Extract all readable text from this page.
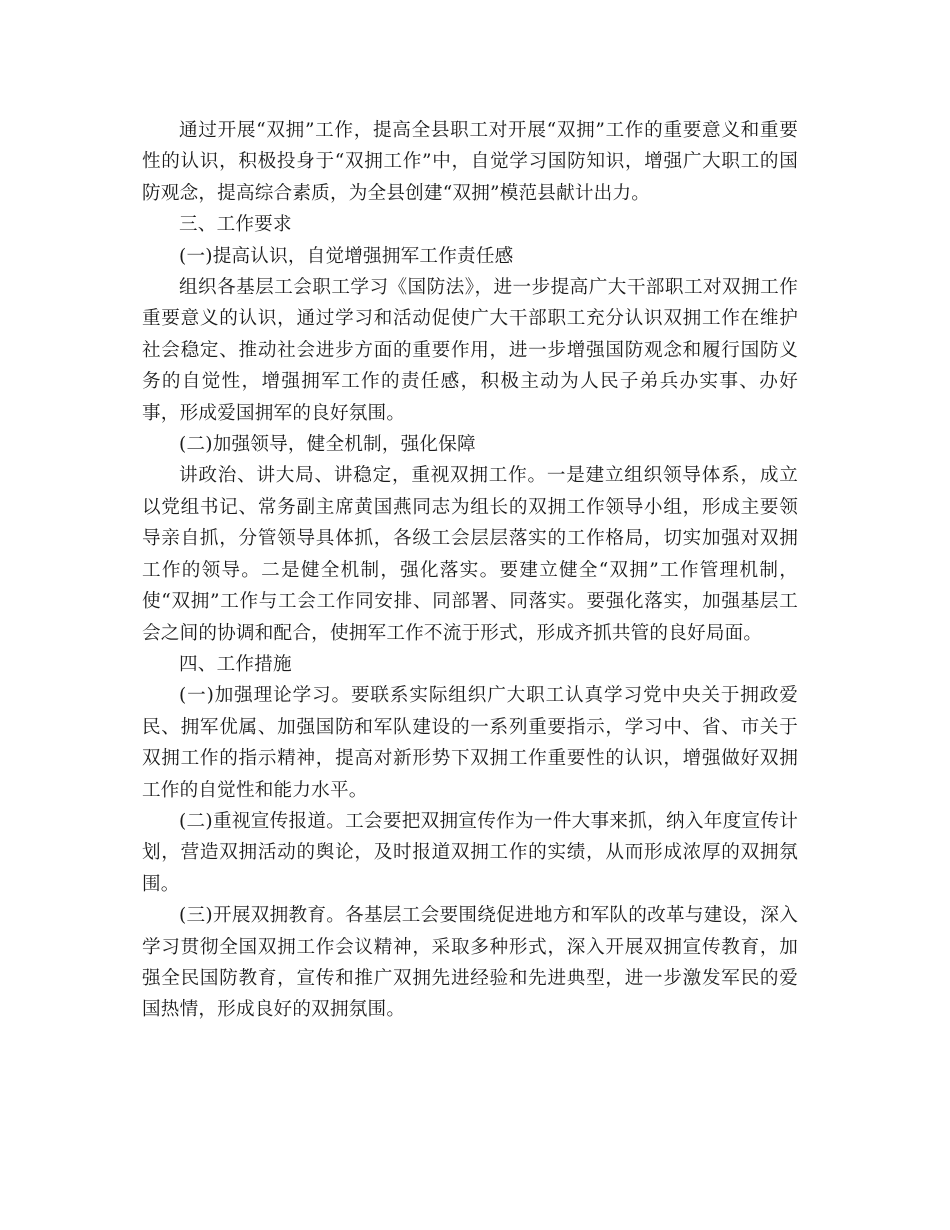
通过开展“双拥”工作，提高全县职工对开展“双拥”工作的重要意义和重要性的认识，积极投身于“双拥工作”中，自觉学习国防知识，增强广大职工的国防观念，提高综合素质，为全县创建“双拥”模范县献计出力。

三、工作要求

(一)提高认识，自觉增强拥军工作责任感

组织各基层工会职工学习《国防法》，进一步提高广大干部职工对双拥工作重要意义的认识，通过学习和活动促使广大干部职工充分认识双拥工作在维护社会稳定、推动社会进步方面的重要作用，进一步增强国防观念和履行国防义务的自觉性，增强拥军工作的责任感，积极主动为人民子弟兵办实事、办好事，形成爱国拥军的良好氛围。

(二)加强领导，健全机制，强化保障

讲政治、讲大局、讲稳定，重视双拥工作。一是建立组织领导体系，成立以党组书记、常务副主席黄国燕同志为组长的双拥工作领导小组，形成主要领导亲自抓，分管领导具体抓，各级工会层层落实的工作格局，切实加强对双拥工作的领导。二是健全机制，强化落实。要建立健全“双拥”工作管理机制，使“双拥”工作与工会工作同安排、同部署、同落实。要强化落实，加强基层工会之间的协调和配合，使拥军工作不流于形式，形成齐抓共管的良好局面。

四、工作措施

(一)加强理论学习。要联系实际组织广大职工认真学习党中央关于拥政爱民、拥军优属、加强国防和军队建设的一系列重要指示，学习中、省、市关于双拥工作的指示精神，提高对新形势下双拥工作重要性的认识，增强做好双拥工作的自觉性和能力水平。

(二)重视宣传报道。工会要把双拥宣传作为一件大事来抓，纳入年度宣传计划，营造双拥活动的舆论，及时报道双拥工作的实绩，从而形成浓厚的双拥氛围。

(三)开展双拥教育。各基层工会要围绕促进地方和军队的改革与建设，深入学习贯彻全国双拥工作会议精神，采取多种形式，深入开展双拥宣传教育，加强全民国防教育，宣传和推广双拥先进经验和先进典型，进一步激发军民的爱国热情，形成良好的双拥氛围。
